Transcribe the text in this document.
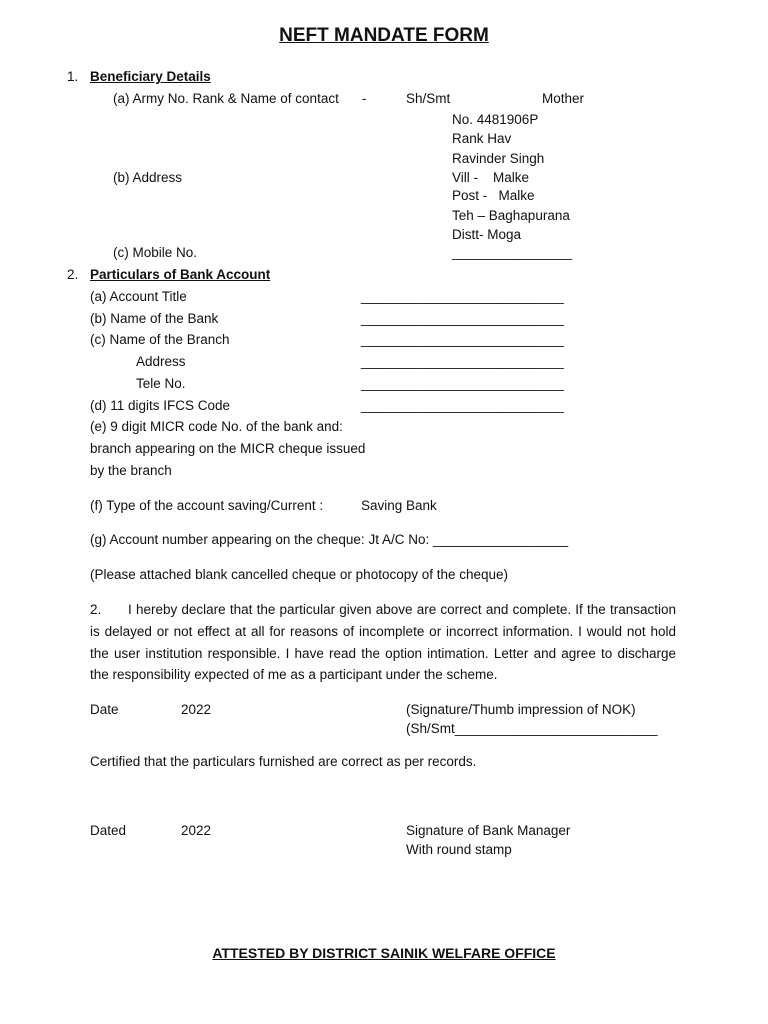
NEFT MANDATE FORM
1. Beneficiary Details
(a) Army No. Rank & Name of contact -	Sh/Smt	Mother
No. 4481906P
Rank Hav
Ravinder Singh
(b) Address	Vill -    Malke
Post -   Malke
Teh – Baghapurana
Distt- Moga
(c) Mobile No.	________________
2. Particulars of Bank Account
(a) Account Title	___________________________
(b) Name of the Bank	___________________________
(c) Name of the Branch	___________________________
Address	___________________________
Tele No.	___________________________
(d) 11 digits IFCS Code	___________________________
(e) 9 digit MICR code No. of the bank and:
branch appearing on the MICR cheque issued
by the branch
(f) Type of the account saving/Current :	Saving Bank
(g) Account number appearing on the cheque: Jt A/C No: __________________
(Please attached blank cancelled cheque or photocopy of the cheque)
2. I hereby declare that the particular given above are correct and complete. If the transaction is delayed or not effect at all for reasons of incomplete or incorrect information. I would not hold the user institution responsible. I have read the option intimation. Letter and agree to discharge the responsibility expected of me as a participant under the scheme.
Date	2022	(Signature/Thumb impression of NOK)
(Sh/Smt___________________________
Certified that the particulars furnished are correct as per records.
Dated	2022	Signature of Bank Manager
With round stamp
ATTESTED BY DISTRICT SAINIK WELFARE OFFICE
